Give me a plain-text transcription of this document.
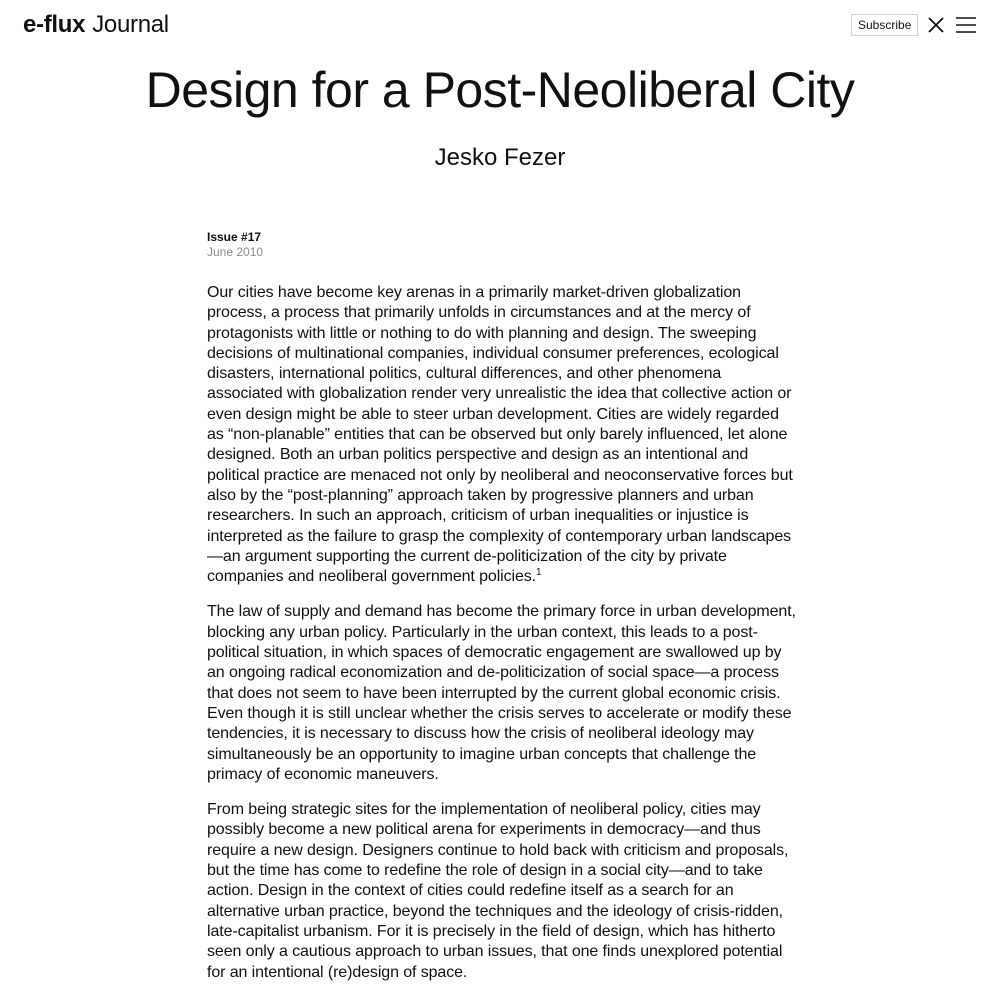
e-flux Journal	Subscribe
Design for a Post-Neoliberal City
Jesko Fezer
Issue #17
June 2010

Our cities have become key arenas in a primarily market-driven globalization process, a process that primarily unfolds in circumstances and at the mercy of protagonists with little or nothing to do with planning and design. The sweeping decisions of multinational companies, individual consumer preferences, ecological disasters, international politics, cultural differences, and other phenomena associated with globalization render very unrealistic the idea that collective action or even design might be able to steer urban development. Cities are widely regarded as “non-planable” entities that can be observed but only barely influenced, let alone designed. Both an urban politics perspective and design as an intentional and political practice are menaced not only by neoliberal and neoconservative forces but also by the “post-planning” approach taken by progressive planners and urban researchers. In such an approach, criticism of urban inequalities or injustice is interpreted as the failure to grasp the complexity of contemporary urban landscapes—an argument supporting the current de-politicization of the city by private companies and neoliberal government policies.$^1$

The law of supply and demand has become the primary force in urban development, blocking any urban policy. Particularly in the urban context, this leads to a post-political situation, in which spaces of democratic engagement are swallowed up by an ongoing radical economization and de-politicization of social space—a process that does not seem to have been interrupted by the current global economic crisis. Even though it is still unclear whether the crisis serves to accelerate or modify these tendencies, it is necessary to discuss how the crisis of neoliberal ideology may simultaneously be an opportunity to imagine urban concepts that challenge the primacy of economic maneuvers.

From being strategic sites for the implementation of neoliberal policy, cities may possibly become a new political arena for experiments in democracy—and thus require a new design. Designers continue to hold back with criticism and proposals, but the time has come to redefine the role of design in a social city—and to take action. Design in the context of cities could redefine itself as a search for an alternative urban practice, beyond the techniques and the ideology of crisis-ridden, late-capitalist urbanism. For it is precisely in the field of design, which has hitherto seen only a cautious approach to urban issues, that one finds unexplored potential for an intentional (re)design of space.
